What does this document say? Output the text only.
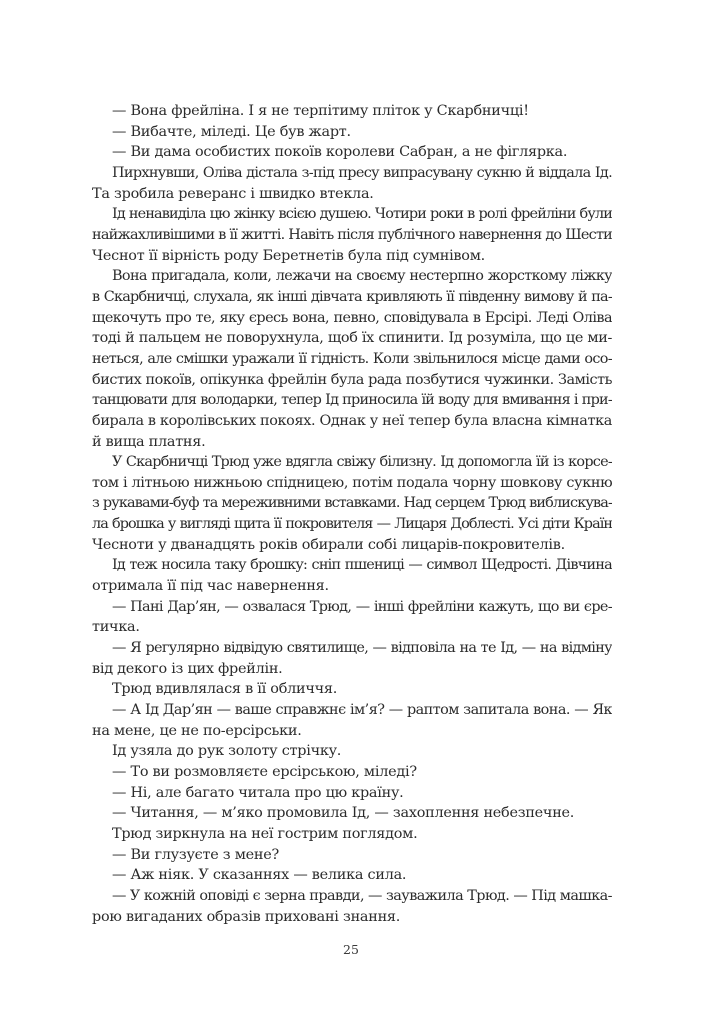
— Вона фрейліна. І я не терпітиму пліток у Скарбничці!
— Вибачте, міледі. Це був жарт.
— Ви дама особистих покоїв королеви Сабран, а не фіглярка.
Пирхнувши, Оліва дістала з-під пресу випрасувану сукню й віддала Ід.
Та зробила реверанс і швидко втекла.
Ід ненавиділа цю жінку всією душею. Чотири роки в ролі фрейліни були
найжахливішими в її житті. Навіть після публічного навернення до Шести
Чеснот її вірність роду Беретнетів була під сумнівом.
Вона пригадала, коли, лежачи на своєму нестерпно жорсткому ліжку
в Скарбничці, слухала, як інші дівчата кривляють її південну вимову й па-
щекочуть про те, яку єресь вона, певно, сповідувала в Ерсірі. Леді Оліва
тоді й пальцем не поворухнула, щоб їх спинити. Ід розуміла, що це ми-
неться, але смішки уражали її гідність. Коли звільнилося місце дами осо-
бистих покоїв, опікунка фрейлін була рада позбутися чужинки. Замість
танцювати для володарки, тепер Ід приносила їй воду для вмивання і при-
бирала в королівських покоях. Однак у неї тепер була власна кімнатка
й вища платня.
У Скарбничці Трюд уже вдягла свіжу білизну. Ід допомогла їй із корсе-
том і літньою нижньою спідницею, потім подала чорну шовкову сукню
з рукавами-буф та мереживними вставками. Над серцем Трюд виблискува-
ла брошка у вигляді щита її покровителя — Лицаря Доблесті. Усі діти Країн
Чесноти у дванадцять років обирали собі лицарів-покровителів.
Ід теж носила таку брошку: сніп пшениці — символ Щедрості. Дівчина
отримала її під час навернення.
— Пані Дар’ян, — озвалася Трюд, — інші фрейліни кажуть, що ви єре-
тичка.
— Я регулярно відвідую святилище, — відповіла на те Ід, — на відміну
від декого із цих фрейлін.
Трюд вдивлялася в її обличчя.
— А Ід Дар’ян — ваше справжнє ім’я? — раптом запитала вона. — Як
на мене, це не по-ерсірськи.
Ід узяла до рук золоту стрічку.
— То ви розмовляєте ерсірською, міледі?
— Ні, але багато читала про цю країну.
— Читання, — м’яко промовила Ід, — захоплення небезпечне.
Трюд зиркнула на неї гострим поглядом.
— Ви глузуєте з мене?
— Аж ніяк. У сказаннях — велика сила.
— У кожній оповіді є зерна правди, — зауважила Трюд. — Під машка-
рою вигаданих образів приховані знання.
25
